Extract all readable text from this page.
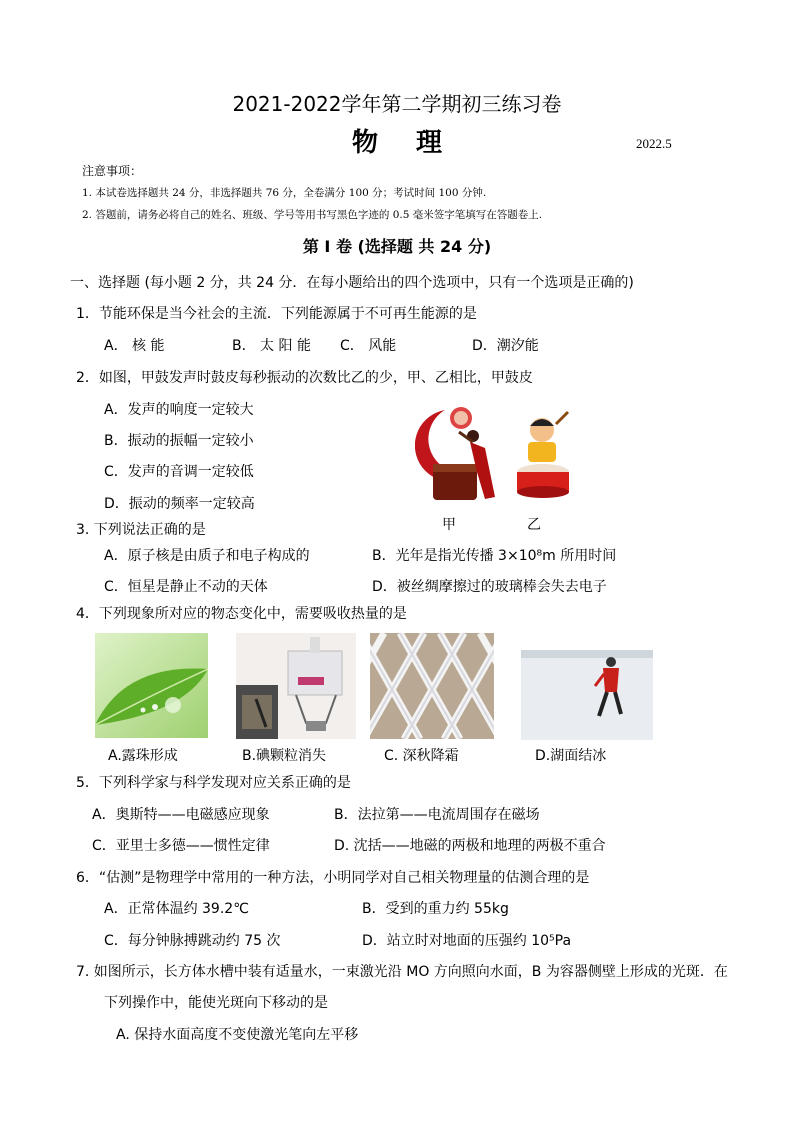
2021-2022学年第二学期初三练习卷
物理	2022.5
注意事项：
1. 本试卷选择题共 24 分，非选择题共 76 分，全卷满分 100 分；考试时间 100 分钟.
2. 答题前，请务必将自己的姓名、班级、学号等用书写黑色字迹的 0.5 毫米签字笔填写在答题卷上.
第 I 卷 (选择题 共 24 分)
一、选择题 (每小题 2 分，共 24 分．在每小题给出的四个选项中，只有一个选项是正确的)
1．节能环保是当今社会的主流．下列能源属于不可再生能源的是
A． 核 能	B． 太 阳 能 C． 风能	D．潮汐能
2．如图，甲鼓发声时鼓皮每秒振动的次数比乙的少，甲、乙相比，甲鼓皮
A．发声的响度一定较大
B．振动的振幅一定较小
C．发声的音调一定较低
D．振动的频率一定较高
甲	乙
3. 下列说法正确的是
A．原子核是由质子和电子构成的	B．光年是指光传播 3×10⁸m 所用时间
C．恒星是静止不动的天体	D．被丝绸摩擦过的玻璃棒会失去电子
4．下列现象所对应的物态变化中，需要吸收热量的是
A.露珠形成	B.碘颗粒消失	C. 深秋降霜	D.湖面结冰
5．下列科学家与科学发现对应关系正确的是
A．奥斯特——电磁感应现象	B．法拉第——电流周围存在磁场
C．亚里士多德——惯性定律	D. 沈括——地磁的两极和地理的两极不重合
6．“估测”是物理学中常用的一种方法，小明同学对自己相关物理量的估测合理的是
A．正常体温约 39.2℃	B．受到的重力约 55kg
C．每分钟脉搏跳动约 75 次	D．站立时对地面的压强约 10⁵Pa
7. 如图所示，长方体水槽中装有适量水，一束激光沿 MO 方向照向水面，B 为容器侧壁上形成的光斑．在
下列操作中，能使光斑向下移动的是
A. 保持水面高度不变使激光笔向左平移
